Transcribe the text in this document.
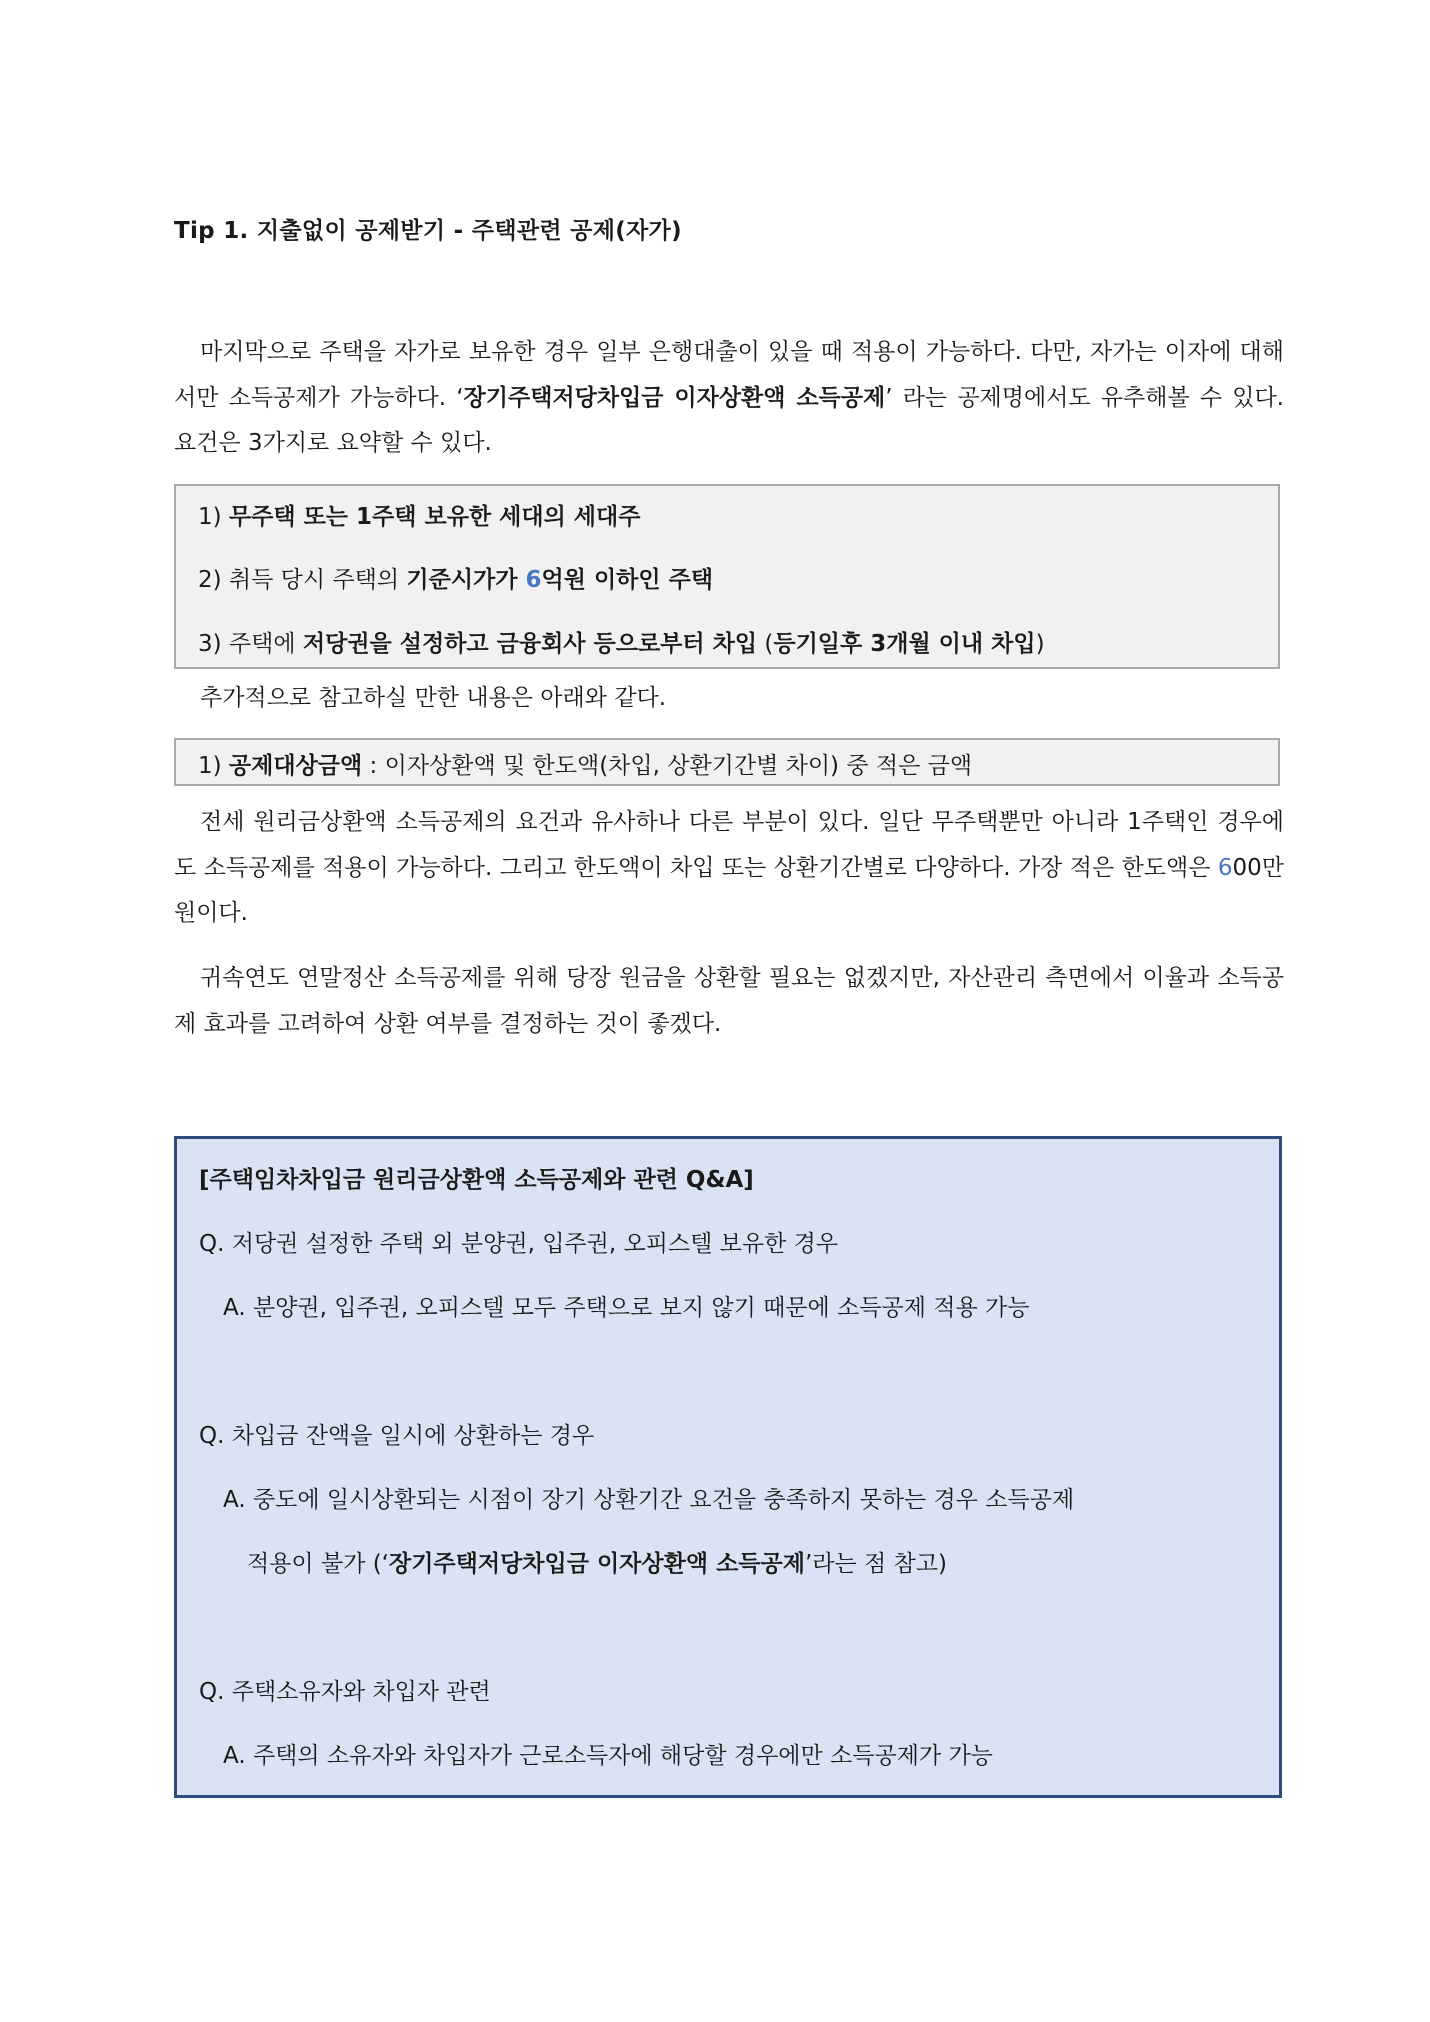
Tip 1. 지출없이 공제받기 - 주택관련 공제(자가)

마지막으로 주택을 자가로 보유한 경우 일부 은행대출이 있을 때 적용이 가능하다. 다만, 자가는 이자에 대해서만 소득공제가 가능하다. ‘장기주택저당차입금 이자상환액 소득공제’ 라는 공제명에서도 유추해볼 수 있다. 요건은 3가지로 요약할 수 있다.

1) 무주택 또는 1주택 보유한 세대의 세대주
2) 취득 당시 주택의 기준시가가 6억원 이하인 주택
3) 주택에 저당권을 설정하고 금융회사 등으로부터 차입 (등기일후 3개월 이내 차입)

추가적으로 참고하실 만한 내용은 아래와 같다.

1) 공제대상금액 : 이자상환액 및 한도액(차입, 상환기간별 차이) 중 적은 금액

전세 원리금상환액 소득공제의 요건과 유사하나 다른 부분이 있다. 일단 무주택뿐만 아니라 1주택인 경우에도 소득공제를 적용이 가능하다. 그리고 한도액이 차입 또는 상환기간별로 다양하다. 가장 적은 한도액은 600만원이다.

귀속연도 연말정산 소득공제를 위해 당장 원금을 상환할 필요는 없겠지만, 자산관리 측면에서 이율과 소득공제 효과를 고려하여 상환 여부를 결정하는 것이 좋겠다.

[주택임차차입금 원리금상환액 소득공제와 관련 Q&A]
Q. 저당권 설정한 주택 외 분양권, 입주권, 오피스텔 보유한 경우
A. 분양권, 입주권, 오피스텔 모두 주택으로 보지 않기 때문에 소득공제 적용 가능
Q. 차입금 잔액을 일시에 상환하는 경우
A. 중도에 일시상환되는 시점이 장기 상환기간 요건을 충족하지 못하는 경우 소득공제
적용이 불가 (‘장기주택저당차입금 이자상환액 소득공제’라는 점 참고)
Q. 주택소유자와 차입자 관련
A. 주택의 소유자와 차입자가 근로소득자에 해당할 경우에만 소득공제가 가능
